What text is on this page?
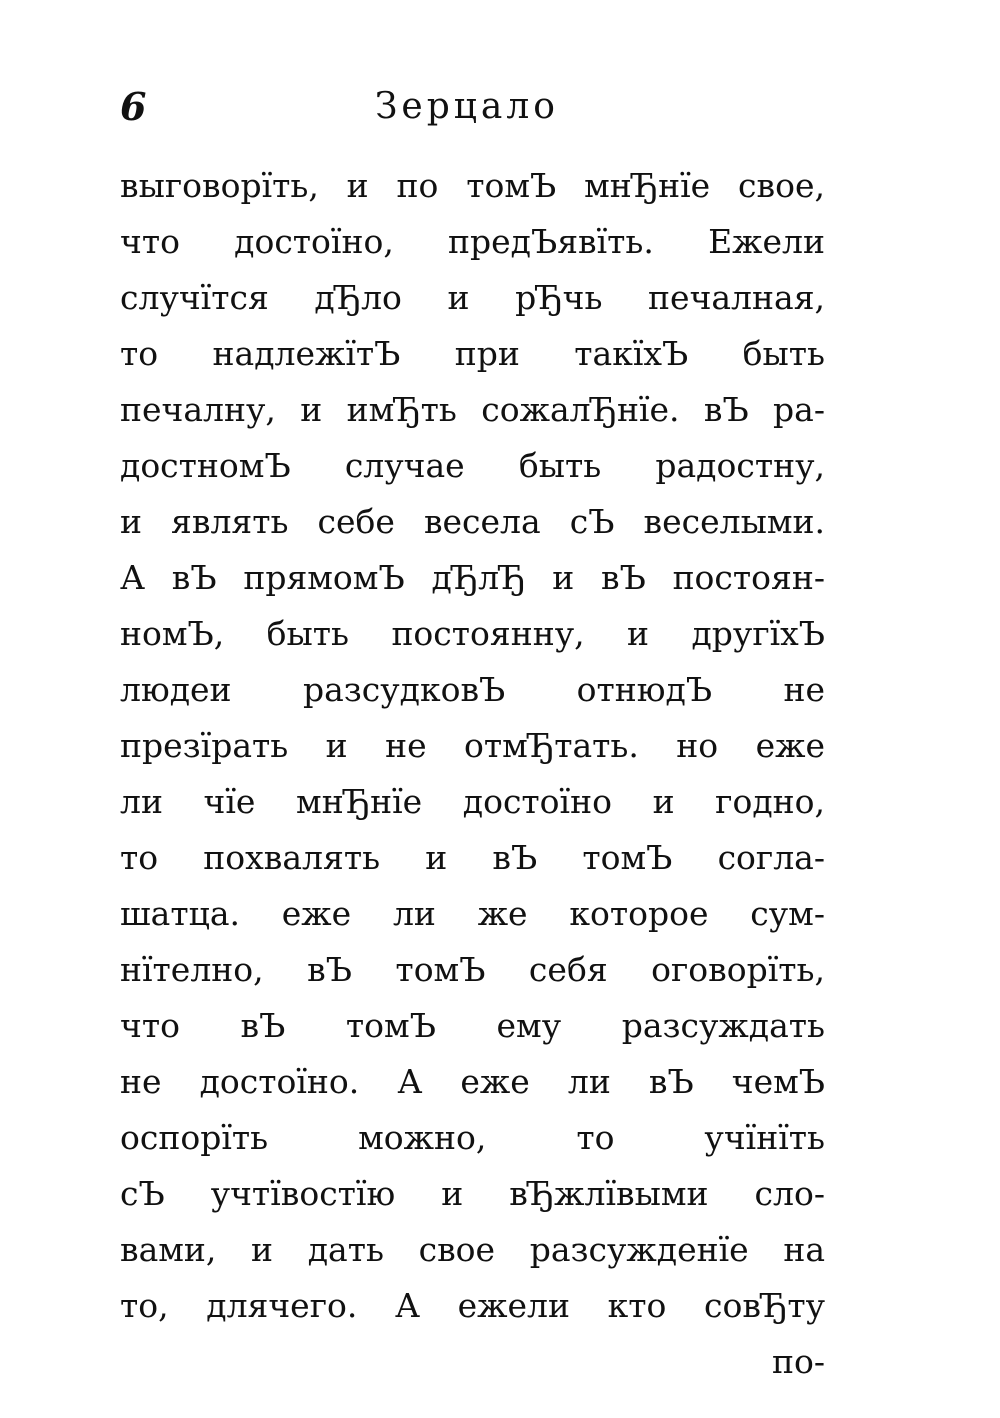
6	Зерцало
выговорїть, и по томЪ мнЂнїе свое,
что достоїно, предЪявїть. Ежели
случїтся дЂло и рЂчь печалная,
то надлежїтЪ при такїхЪ быть
печалну, и имЂть сожалЂнїе. вЪ ра-
достномЪ случае быть радостну,
и являть себе весела сЪ веселыми.
А вЪ прямомЪ дЂлЂ и вЪ постоян-
номЪ, быть постоянну, и другїхЪ
людеи разсудковЪ отнюдЪ не
презїрать и не отмЂтать. но еже
ли чїе мнЂнїе достоїно и годно,
то похвалять и вЪ томЪ согла-
шатца. еже ли же которое сум-
нїтелно, вЪ томЪ себя оговорїть,
что вЪ томЪ ему разсуждать
не достоїно. А еже ли вЪ чемЪ
оспорїть можно, то учїнїть
сЪ учтївостїю и вЂжлївыми сло-
вами, и дать свое разсужденїе на
то, длячего. А ежели кто совЂту
по-
